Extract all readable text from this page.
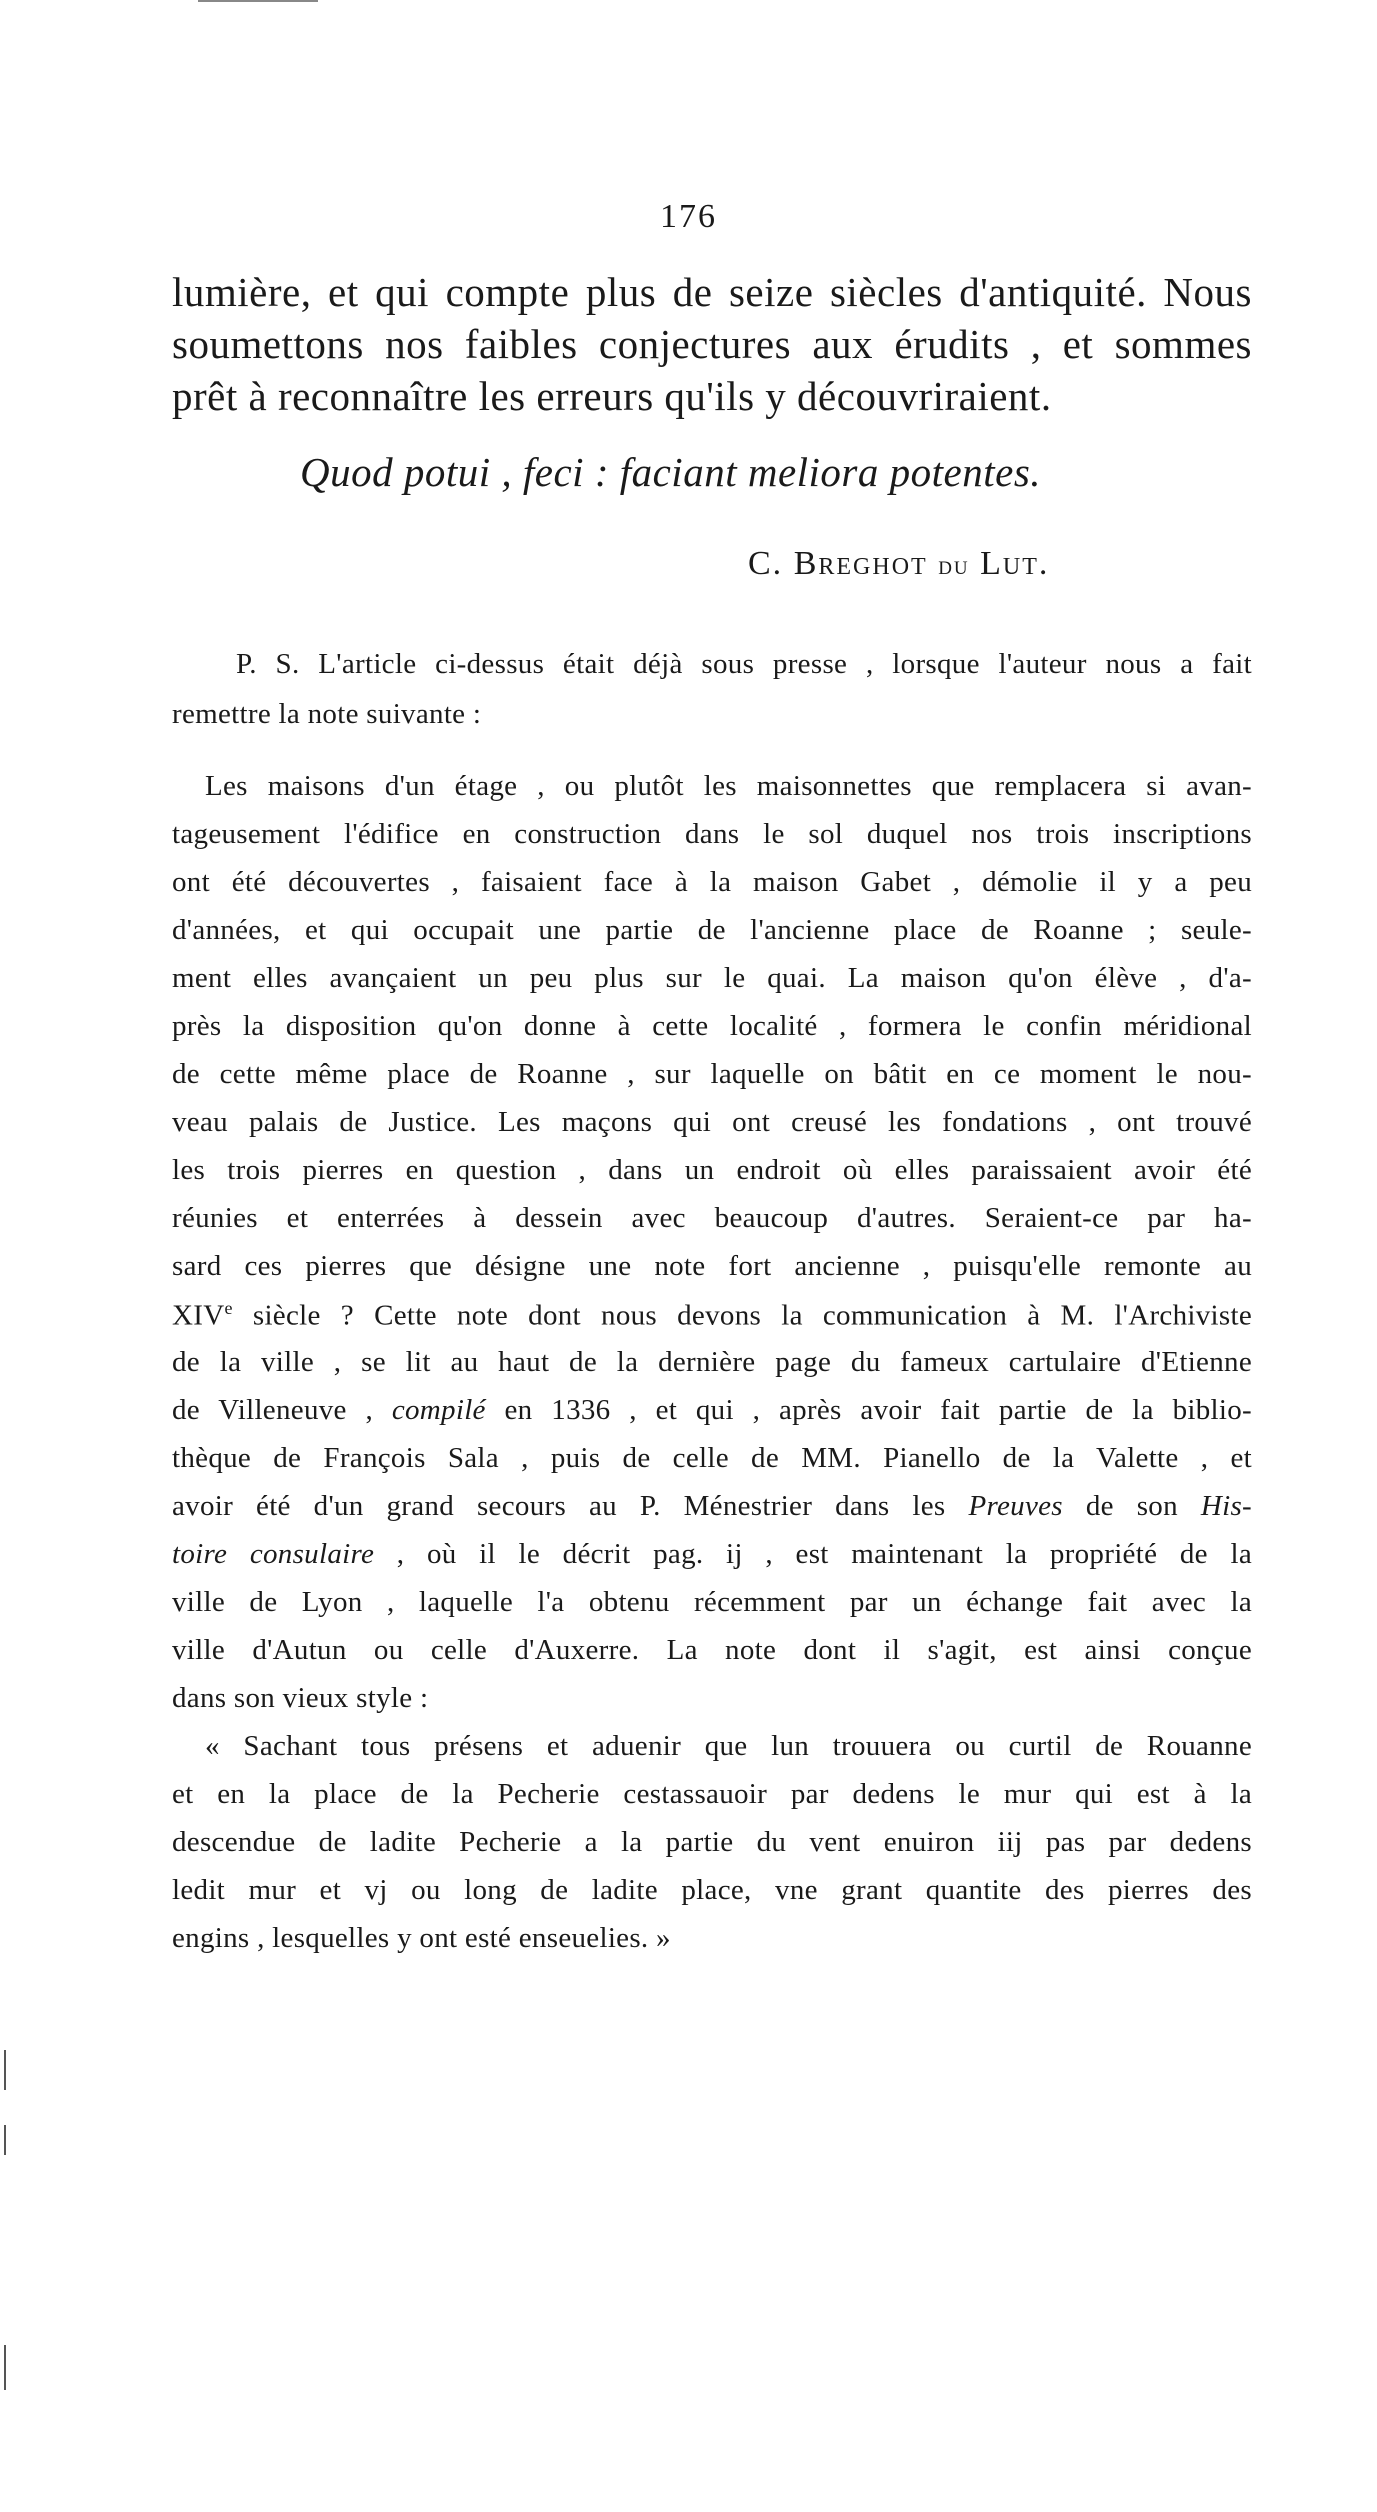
176
lumière, et qui compte plus de seize siècles d'antiquité. Nous
soumettons nos faibles conjectures aux érudits , et sommes
prêt à reconnaître les erreurs qu'ils y découvriraient.
Quod potui , feci : faciant meliora potentes.
C. Breghot du Lut.
P. S. L'article ci-dessus était déjà sous presse , lorsque l'auteur nous a fait
remettre la note suivante :
Les maisons d'un étage , ou plutôt les maisonnettes que remplacera si avan-
tageusement l'édifice en construction dans le sol duquel nos trois inscriptions
ont été découvertes , faisaient face à la maison Gabet , démolie il y a peu
d'années, et qui occupait une partie de l'ancienne place de Roanne ; seule-
ment elles avançaient un peu plus sur le quai. La maison qu'on élève , d'a-
près la disposition qu'on donne à cette localité , formera le confin méridional
de cette même place de Roanne , sur laquelle on bâtit en ce moment le nou-
veau palais de Justice. Les maçons qui ont creusé les fondations , ont trouvé
les trois pierres en question , dans un endroit où elles paraissaient avoir été
réunies et enterrées à dessein avec beaucoup d'autres. Seraient-ce par ha-
sard ces pierres que désigne une note fort ancienne , puisqu'elle remonte au
XIVe siècle ? Cette note dont nous devons la communication à M. l'Archiviste
de la ville , se lit au haut de la dernière page du fameux cartulaire d'Etienne
de Villeneuve , compilé en 1336 , et qui , après avoir fait partie de la biblio-
thèque de François Sala , puis de celle de MM. Pianello de la Valette , et
avoir été d'un grand secours au P. Ménestrier dans les Preuves de son His-
toire consulaire , où il le décrit pag. ij , est maintenant la propriété de la
ville de Lyon , laquelle l'a obtenu récemment par un échange fait avec la
ville d'Autun ou celle d'Auxerre. La note dont il s'agit, est ainsi conçue
dans son vieux style :
« Sachant tous présens et aduenir que lun trouuera ou curtil de Rouanne
et en la place de la Pecherie cestassauoir par dedens le mur qui est à la
descendue de ladite Pecherie a la partie du vent enuiron iij pas par dedens
ledit mur et vj ou long de ladite place, vne grant quantite des pierres des
engins , lesquelles y ont esté enseuelies. »
